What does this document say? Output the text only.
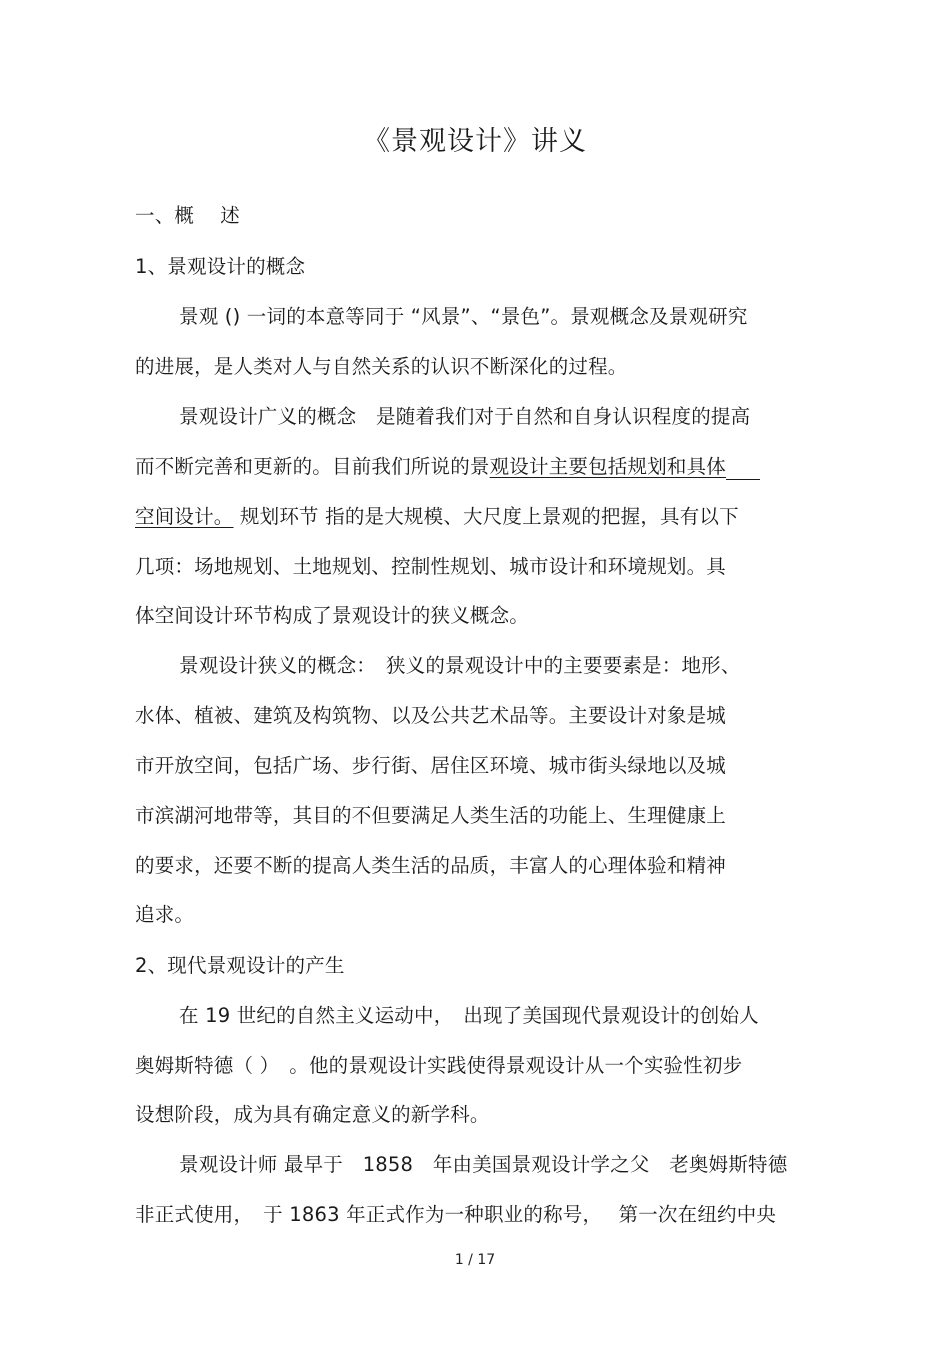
《景观设计》讲义
一、概　 述
1、景观设计的概念
景观 () 一词的本意等同于 “风景”、“景色”。景观概念及景观研究
的进展，是人类对人与自然关系的认识不断深化的过程。
景观设计广义的概念　是随着我们对于自然和自身认识程度的提高
而不断完善和更新的。目前我们所说的景观设计主要包括规划和具体
空间设计。 规划环节 指的是大规模、大尺度上景观的把握，具有以下
几项：场地规划、土地规划、控制性规划、城市设计和环境规划。具
体空间设计环节构成了景观设计的狭义概念。
景观设计狭义的概念：　狭义的景观设计中的主要要素是：地形、
水体、植被、建筑及构筑物、以及公共艺术品等。主要设计对象是城
市开放空间，包括广场、步行街、居住区环境、城市街头绿地以及城
市滨湖河地带等，其目的不但要满足人类生活的功能上、生理健康上
的要求，还要不断的提高人类生活的品质，丰富人的心理体验和精神
追求。
2、现代景观设计的产生
在 19 世纪的自然主义运动中，　出现了美国现代景观设计的创始人
奥姆斯特德（ ）　。他的景观设计实践使得景观设计从一个实验性初步
设想阶段，成为具有确定意义的新学科。
景观设计师 最早于　1858　年由美国景观设计学之父　老奥姆斯特德
非正式使用，　于 1863 年正式作为一种职业的称号，　 第一次在纽约中央
1 / 17
